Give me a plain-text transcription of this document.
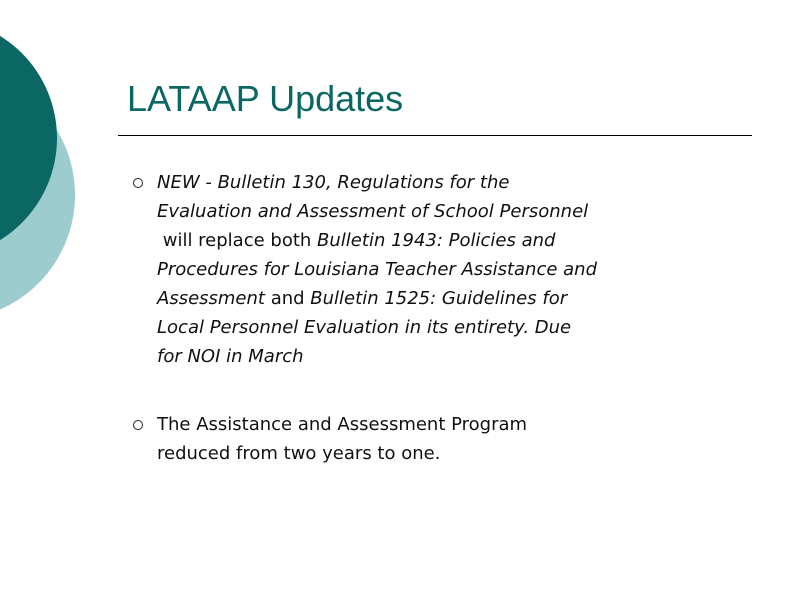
LATAAP Updates
NEW - Bulletin 130, Regulations for the
Evaluation and Assessment of School Personnel
will replace both Bulletin 1943: Policies and
Procedures for Louisiana Teacher Assistance and
Assessment and Bulletin 1525: Guidelines for
Local Personnel Evaluation in its entirety. Due
for NOI in March
The Assistance and Assessment Program
reduced from two years to one.
